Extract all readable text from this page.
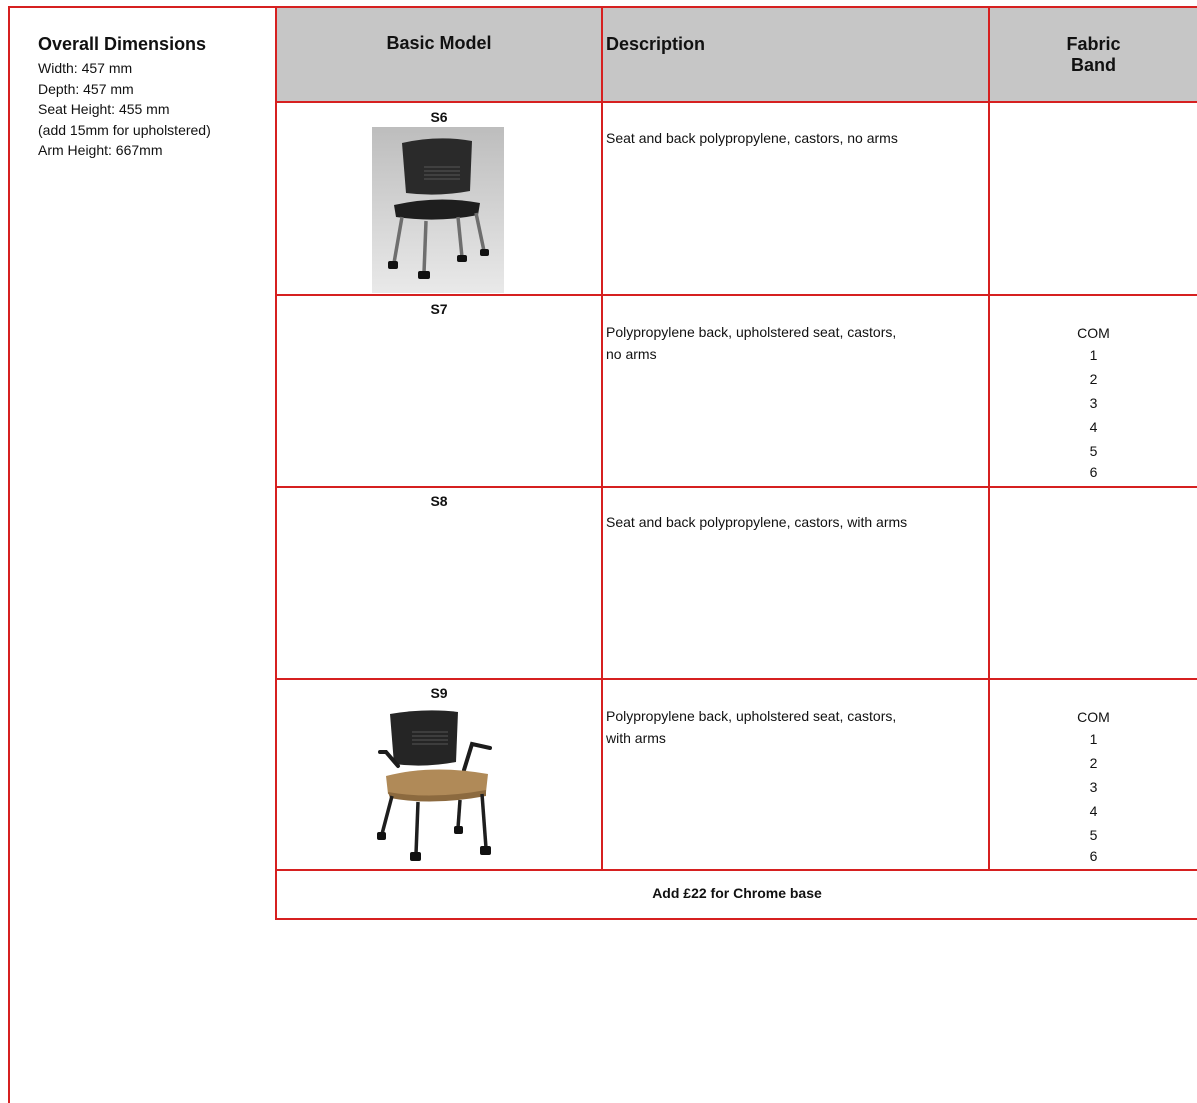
Overall Dimensions
Width: 457 mm
Depth: 457 mm
Seat Height: 455 mm
(add 15mm for upholstered)
Arm Height: 667mm
Basic Model	Description	Fabric
Band
S6
Seat and back polypropylene, castors, no arms
S7
Polypropylene back, upholstered seat, castors,
no arms
COM
1
2
3
4
5
6
S8
Seat and back polypropylene, castors, with arms
S9
Polypropylene back, upholstered seat, castors,
with arms
COM
1
2
3
4
5
6
Add £22 for Chrome base
